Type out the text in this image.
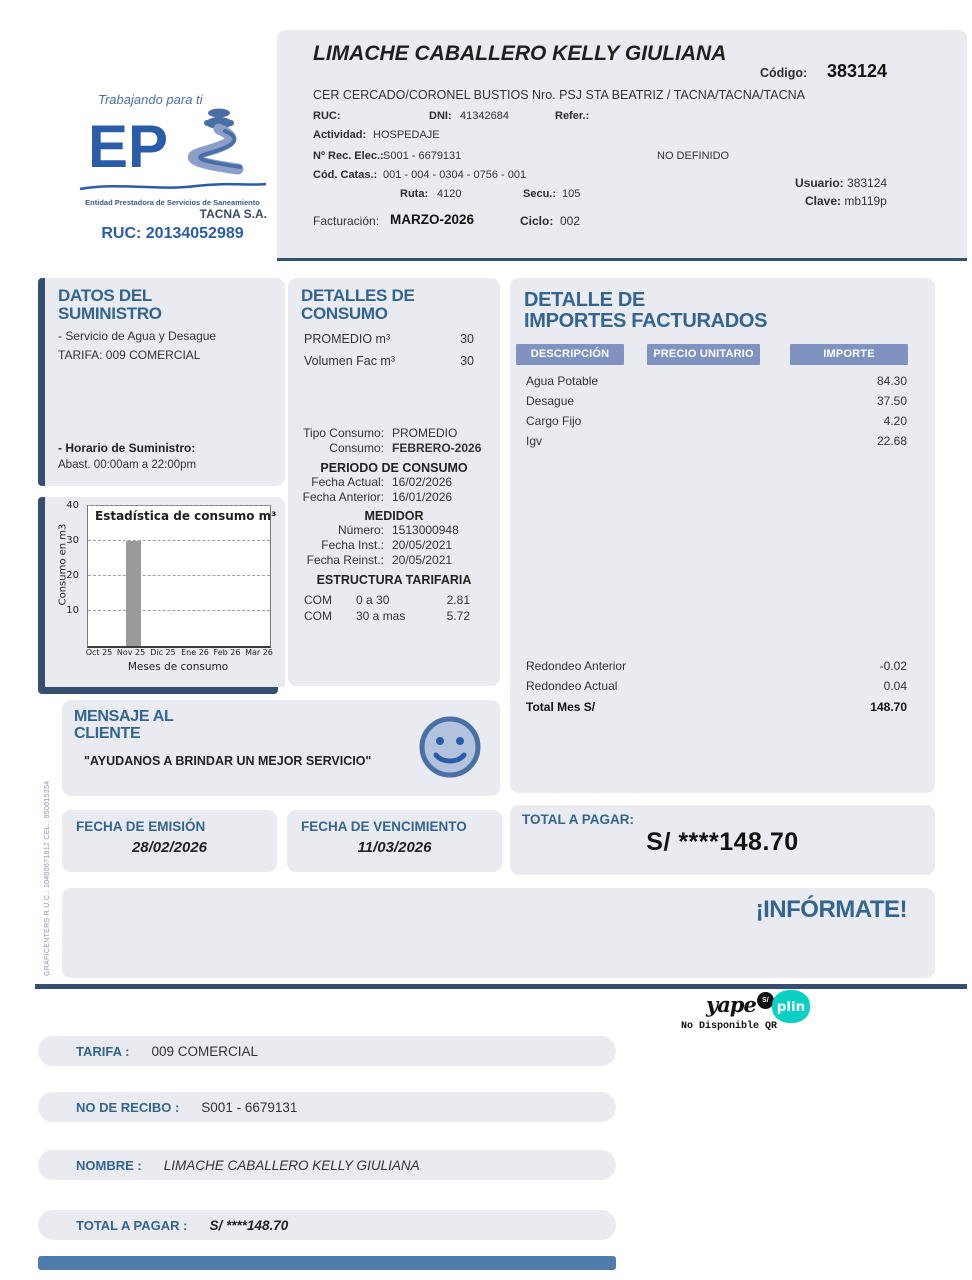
Trabajando para ti
EP
Entidad Prestadora de Servicios de Saneamiento
TACNA S.A.
RUC: 20134052989
LIMACHE CABALLERO KELLY GIULIANA
Código: 383124
CER CERCADO/CORONEL BUSTIOS Nro. PSJ STA BEATRIZ / TACNA/TACNA/TACNA
RUC:	DNI: 41342684	Refer.:
Actividad: HOSPEDAJE
Nº Rec. Elec.: S001 - 6679131	NO DEFINIDO
Cód. Catas.: 001 - 004 - 0304 - 0756 - 001
Ruta: 4120	Secu.: 105
Usuario: 383124
Clave: mb119p
Facturación: MARZO-2026	Ciclo: 002
DATOS DEL
SUMINISTRO
- Servicio de Agua y Desague
TARIFA: 009 COMERCIAL
- Horario de Suministro:
Abast. 00:00am a 22:00pm
Consumo en m3
10
20
30
40
Estadística de consumo m³
Oct 25 Nov 25 Dic 25 Ene 26 Feb 26 Mar 26
Meses de consumo
DETALLES DE
CONSUMO
PROMEDIO m³	30
Volumen Fac m³	30
Tipo Consumo: PROMEDIO
Consumo: FEBRERO-2026
PERIODO DE CONSUMO
Fecha Actual: 16/02/2026
Fecha Anterior: 16/01/2026
MEDIDOR
Número: 1513000948
Fecha Inst.: 20/05/2021
Fecha Reinst.: 20/05/2021
ESTRUCTURA TARIFARIA
COM	0 a 30	2.81
COM	30 a mas	5.72
DETALLE DE
IMPORTES FACTURADOS
DESCRIPCIÓN	PRECIO UNITARIO	IMPORTE
Agua Potable	84.30
Desague	37.50
Cargo Fijo	4.20
Igv	22.68
Redondeo Anterior	-0.02
Redondeo Actual	0.04
Total Mes S/	148.70
MENSAJE AL
CLIENTE
"AYUDANOS A BRINDAR UN MEJOR SERVICIO"
FECHA DE EMISIÓN
28/02/2026
FECHA DE VENCIMIENTO
11/03/2026
TOTAL A PAGAR:
S/ ****148.70
¡INFÓRMATE!
yape S/ plin
No Disponible QR
TARIFA : 009 COMERCIAL
NO DE RECIBO : S001 - 6679131
NOMBRE : LIMACHE CABALLERO KELLY GIULIANA
TOTAL A PAGAR : S/ ****148.70
GRAFICENTERS R.U.C.: 10400671812 CEL.: 950615354
